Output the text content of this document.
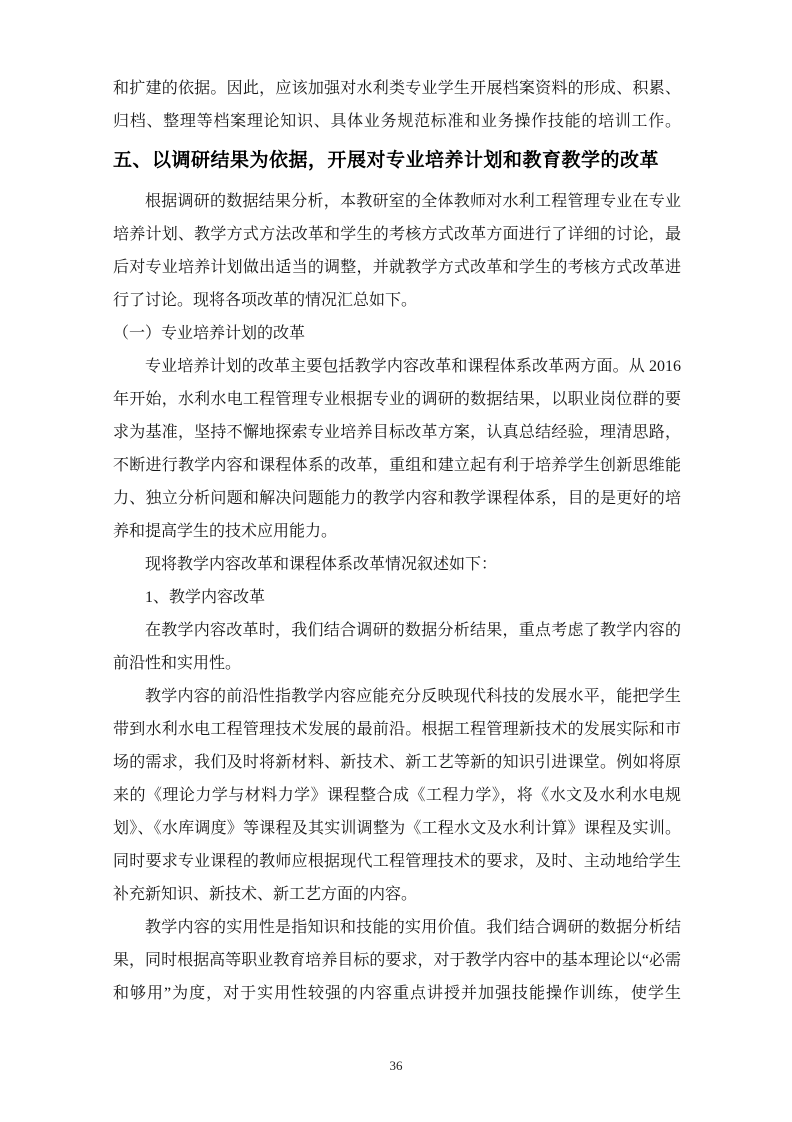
和扩建的依据。因此，应该加强对水利类专业学生开展档案资料的形成、积累、归档、整理等档案理论知识、具体业务规范标准和业务操作技能的培训工作。

五、以调研结果为依据，开展对专业培养计划和教育教学的改革

根据调研的数据结果分析，本教研室的全体教师对水利工程管理专业在专业培养计划、教学方式方法改革和学生的考核方式改革方面进行了详细的讨论，最后对专业培养计划做出适当的调整，并就教学方式改革和学生的考核方式改革进行了讨论。现将各项改革的情况汇总如下。

（一）专业培养计划的改革

专业培养计划的改革主要包括教学内容改革和课程体系改革两方面。从 2016 年开始，水利水电工程管理专业根据专业的调研的数据结果，以职业岗位群的要求为基准，坚持不懈地探索专业培养目标改革方案，认真总结经验，理清思路，不断进行教学内容和课程体系的改革，重组和建立起有利于培养学生创新思维能力、独立分析问题和解决问题能力的教学内容和教学课程体系，目的是更好的培养和提高学生的技术应用能力。

现将教学内容改革和课程体系改革情况叙述如下：

1、教学内容改革

在教学内容改革时，我们结合调研的数据分析结果，重点考虑了教学内容的前沿性和实用性。

教学内容的前沿性指教学内容应能充分反映现代科技的发展水平，能把学生带到水利水电工程管理技术发展的最前沿。根据工程管理新技术的发展实际和市场的需求，我们及时将新材料、新技术、新工艺等新的知识引进课堂。例如将原来的《理论力学与材料力学》课程整合成《工程力学》，将《水文及水利水电规划》、《水库调度》等课程及其实训调整为《工程水文及水利计算》课程及实训。同时要求专业课程的教师应根据现代工程管理技术的要求，及时、主动地给学生补充新知识、新技术、新工艺方面的内容。

教学内容的实用性是指知识和技能的实用价值。我们结合调研的数据分析结果，同时根据高等职业教育培养目标的要求，对于教学内容中的基本理论以“必需和够用”为度，对于实用性较强的内容重点讲授并加强技能操作训练，使学生

36
